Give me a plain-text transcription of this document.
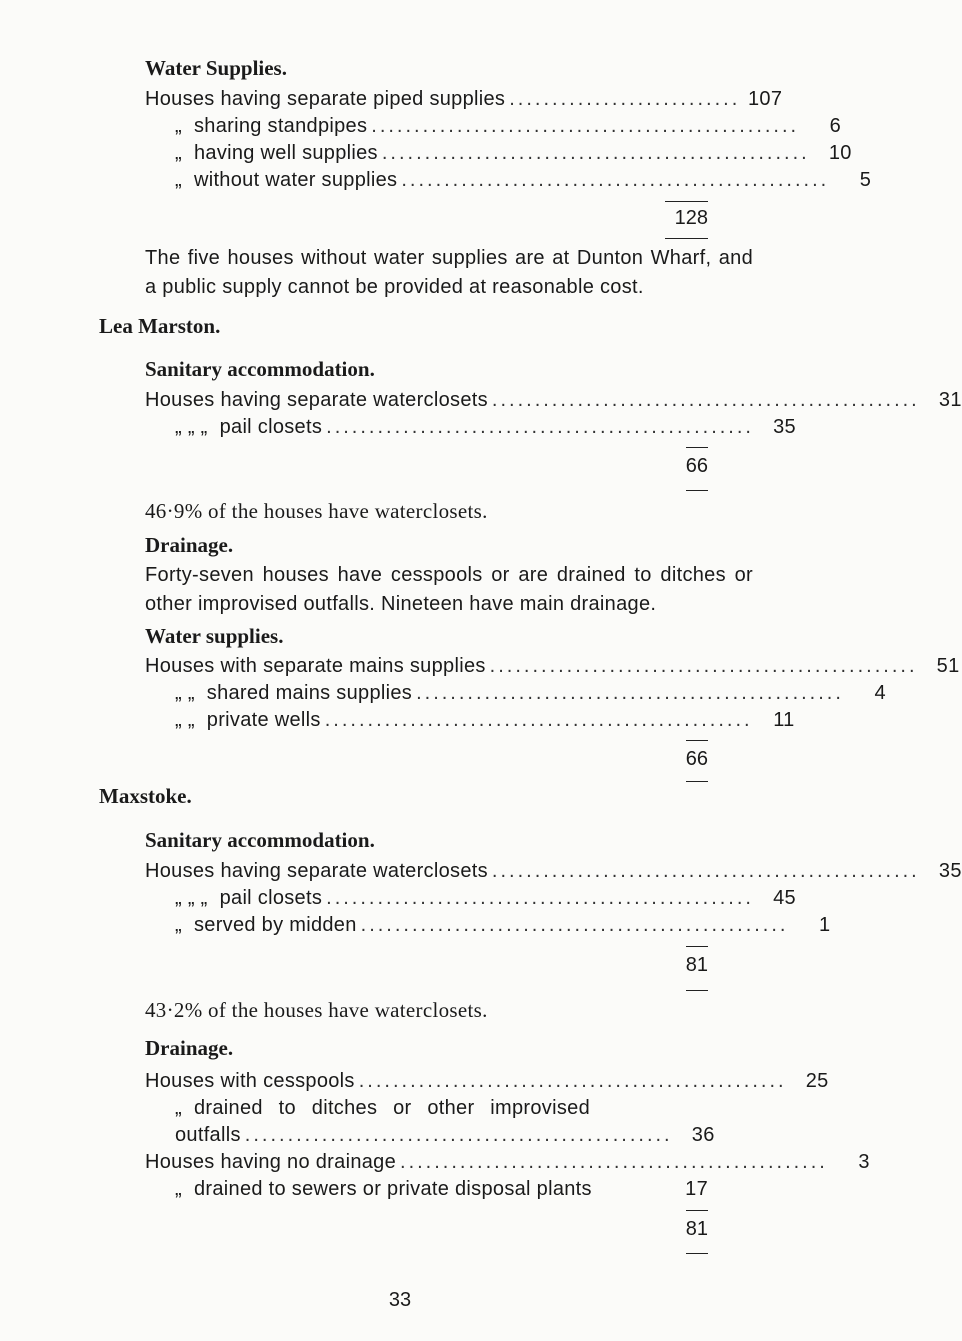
Water Supplies.
Houses having separate piped supplies ........................... 107
„ sharing standpipes ..................................................	6
„ having well supplies .................................................. 10
„ without water supplies ..................................................	5
128

The five houses without water supplies are at Dunton Wharf, and a public supply cannot be provided at reasonable cost.

Lea Marston.
Sanitary accommodation.
Houses having separate waterclosets .................................................. 31
„ „ „ pail closets .................................................. 35
66

46·9% of the houses have waterclosets.

Drainage.

Forty-seven houses have cesspools or are drained to ditches or other improvised outfalls. Nineteen have main drainage.

Water supplies.
Houses with separate mains supplies .................................................. 51
„ „ shared mains supplies ..................................................	4
„ „ private wells ..................................................	11
66
Maxstoke.
Sanitary accommodation.
Houses having separate waterclosets .................................................. 35
„ „ „ pail closets .................................................. 45
„ served by midden ..................................................	1
81

43·2% of the houses have waterclosets.

Drainage.
Houses with cesspools .................................................. 25
„ drained to ditches or other improvised
outfalls .................................................. 36
Houses having no drainage ..................................................	3
„ drained to sewers or private disposal plants	17
81
33
